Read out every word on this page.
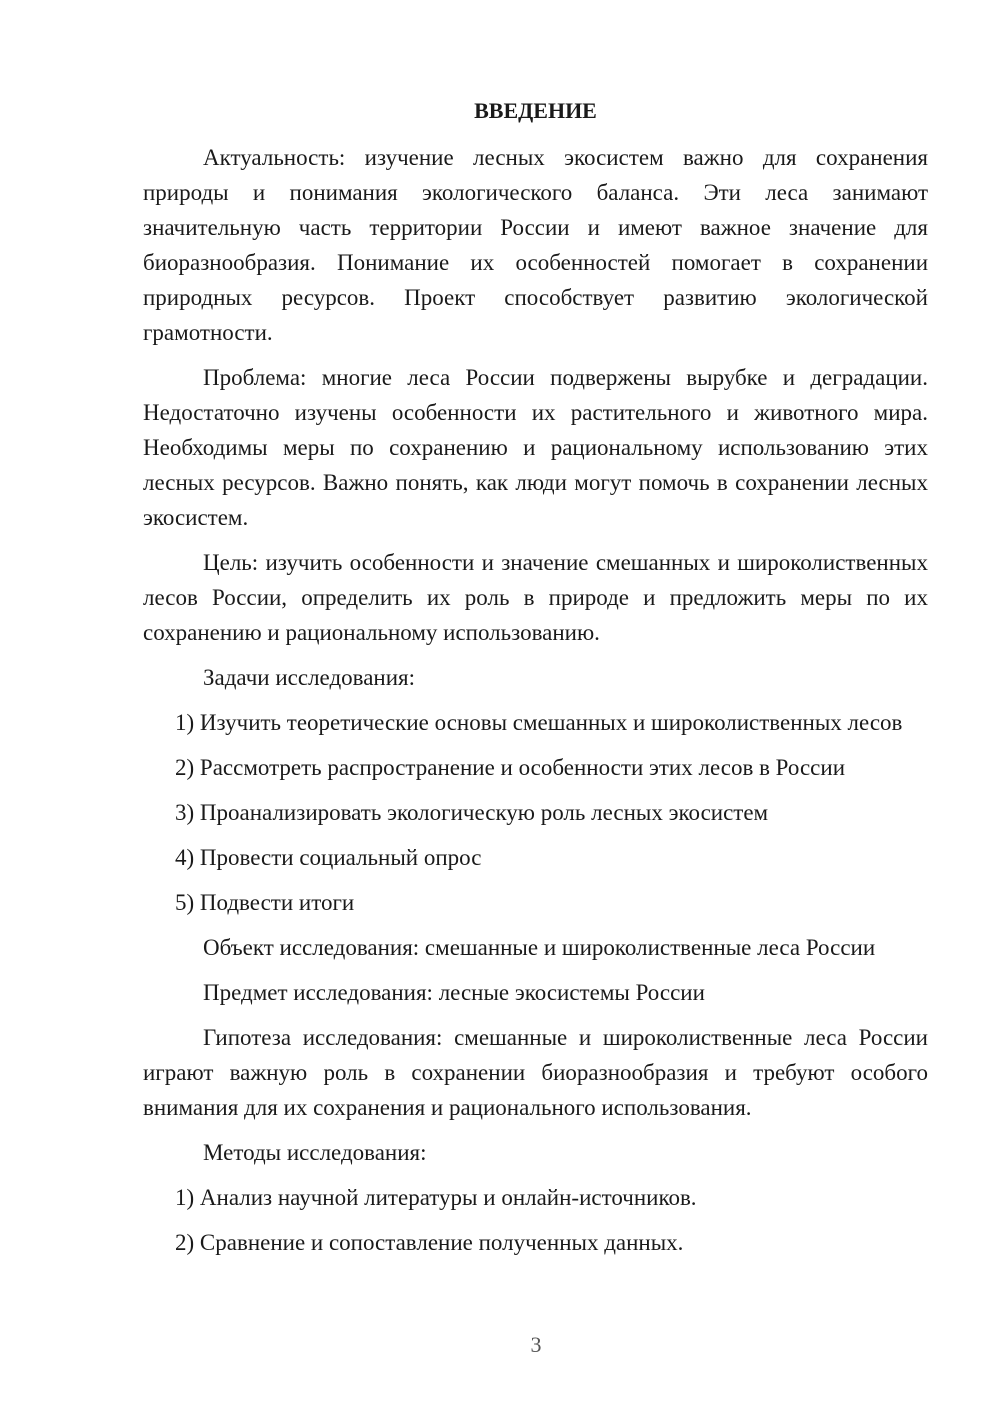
ВВЕДЕНИЕ

Актуальность: изучение лесных экосистем важно для сохранения природы и понимания экологического баланса. Эти леса занимают значительную часть территории России и имеют важное значение для биоразнообразия. Понимание их особенностей помогает в сохранении природных ресурсов. Проект способствует развитию экологической грамотности.

Проблема: многие леса России подвержены вырубке и деградации. Недостаточно изучены особенности их растительного и животного мира. Необходимы меры по сохранению и рациональному использованию этих лесных ресурсов. Важно понять, как люди могут помочь в сохранении лесных экосистем.

Цель: изучить особенности и значение смешанных и широколиственных лесов России, определить их роль в природе и предложить меры по их сохранению и рациональному использованию.

Задачи исследования:

1) Изучить теоретические основы смешанных и широколиственных лесов

2) Рассмотреть распространение и особенности этих лесов в России

3) Проанализировать экологическую роль лесных экосистем

4) Провести социальный опрос

5) Подвести итоги

Объект исследования: смешанные и широколиственные леса России

Предмет исследования: лесные экосистемы России

Гипотеза исследования: смешанные и широколиственные леса России играют важную роль в сохранении биоразнообразия и требуют особого внимания для их сохранения и рационального использования.

Методы исследования:

1) Анализ научной литературы и онлайн-источников.

2) Сравнение и сопоставление полученных данных.

3
